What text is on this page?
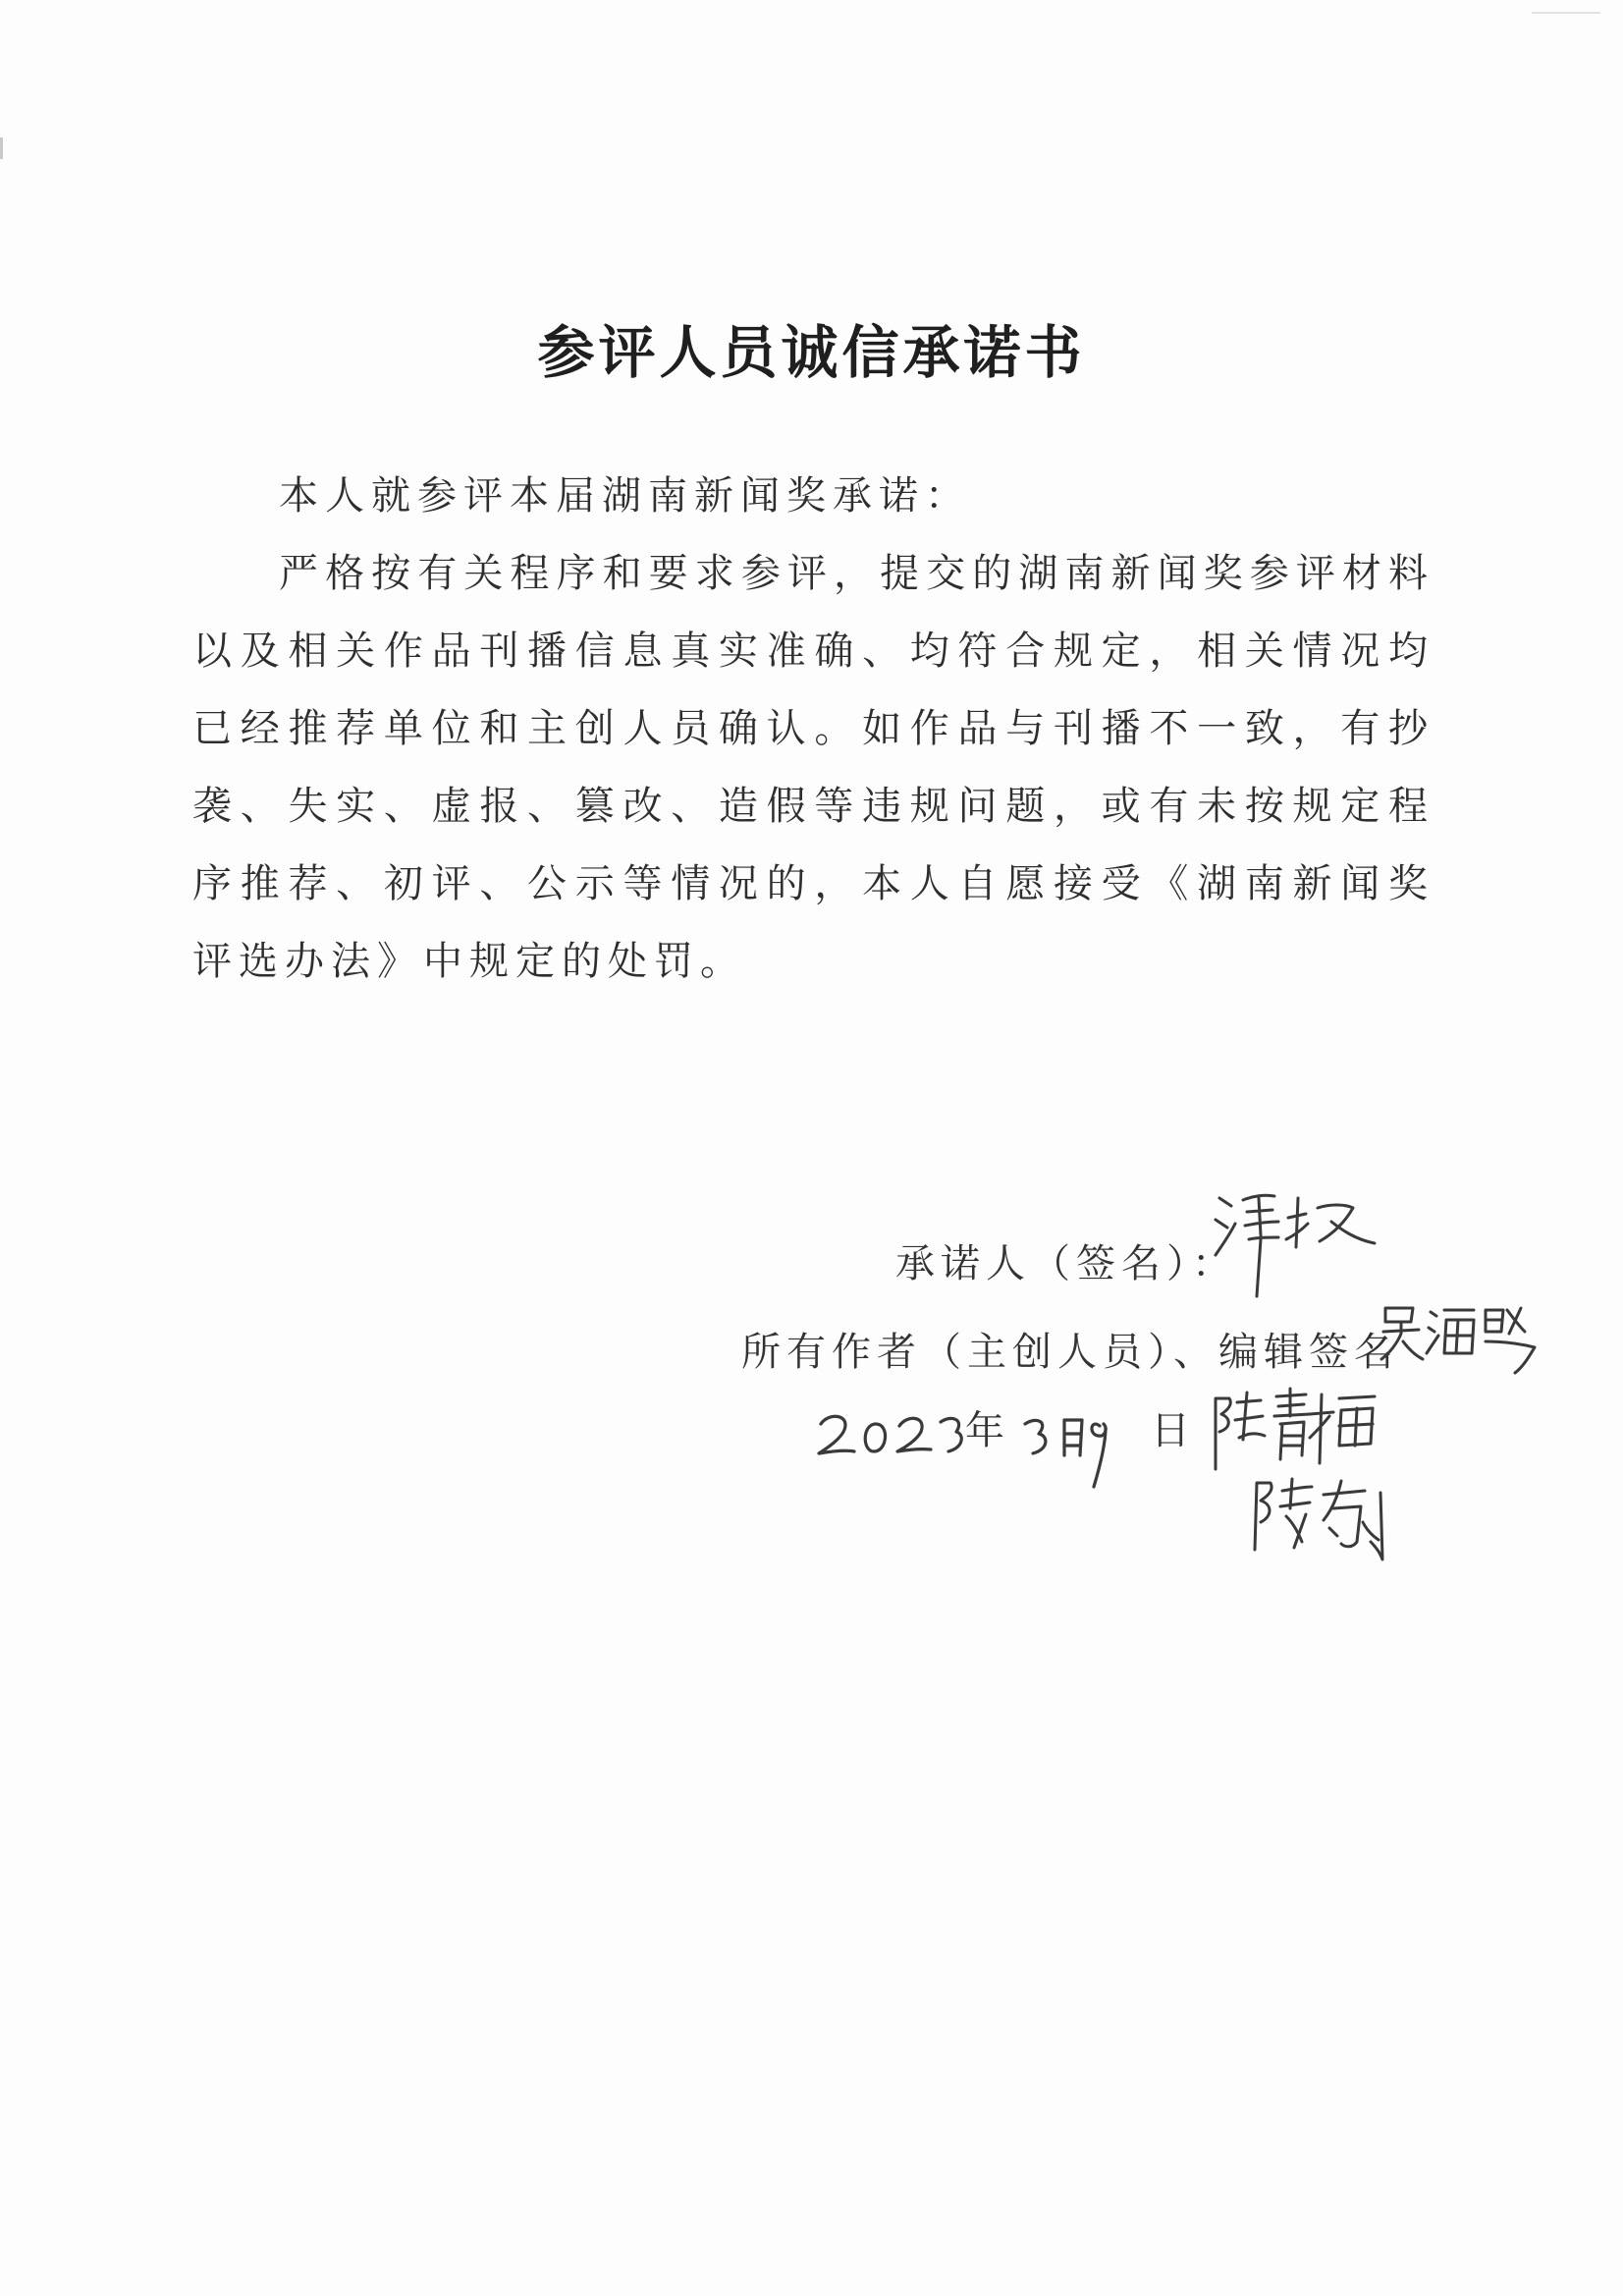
参评人员诚信承诺书

本人就参评本届湖南新闻奖承诺：

严格按有关程序和要求参评，提交的湖南新闻奖参评材料以及相关作品刊播信息真实准确、均符合规定，相关情况均已经推荐单位和主创人员确认。如作品与刊播不一致，有抄袭、失实、虚报、篡改、造假等违规问题，或有未按规定程序推荐、初评、公示等情况的，本人自愿接受《湖南新闻奖评选办法》中规定的处罚。

承诺人（签名）：
所有作者（主创人员）、编辑签名
年	日
